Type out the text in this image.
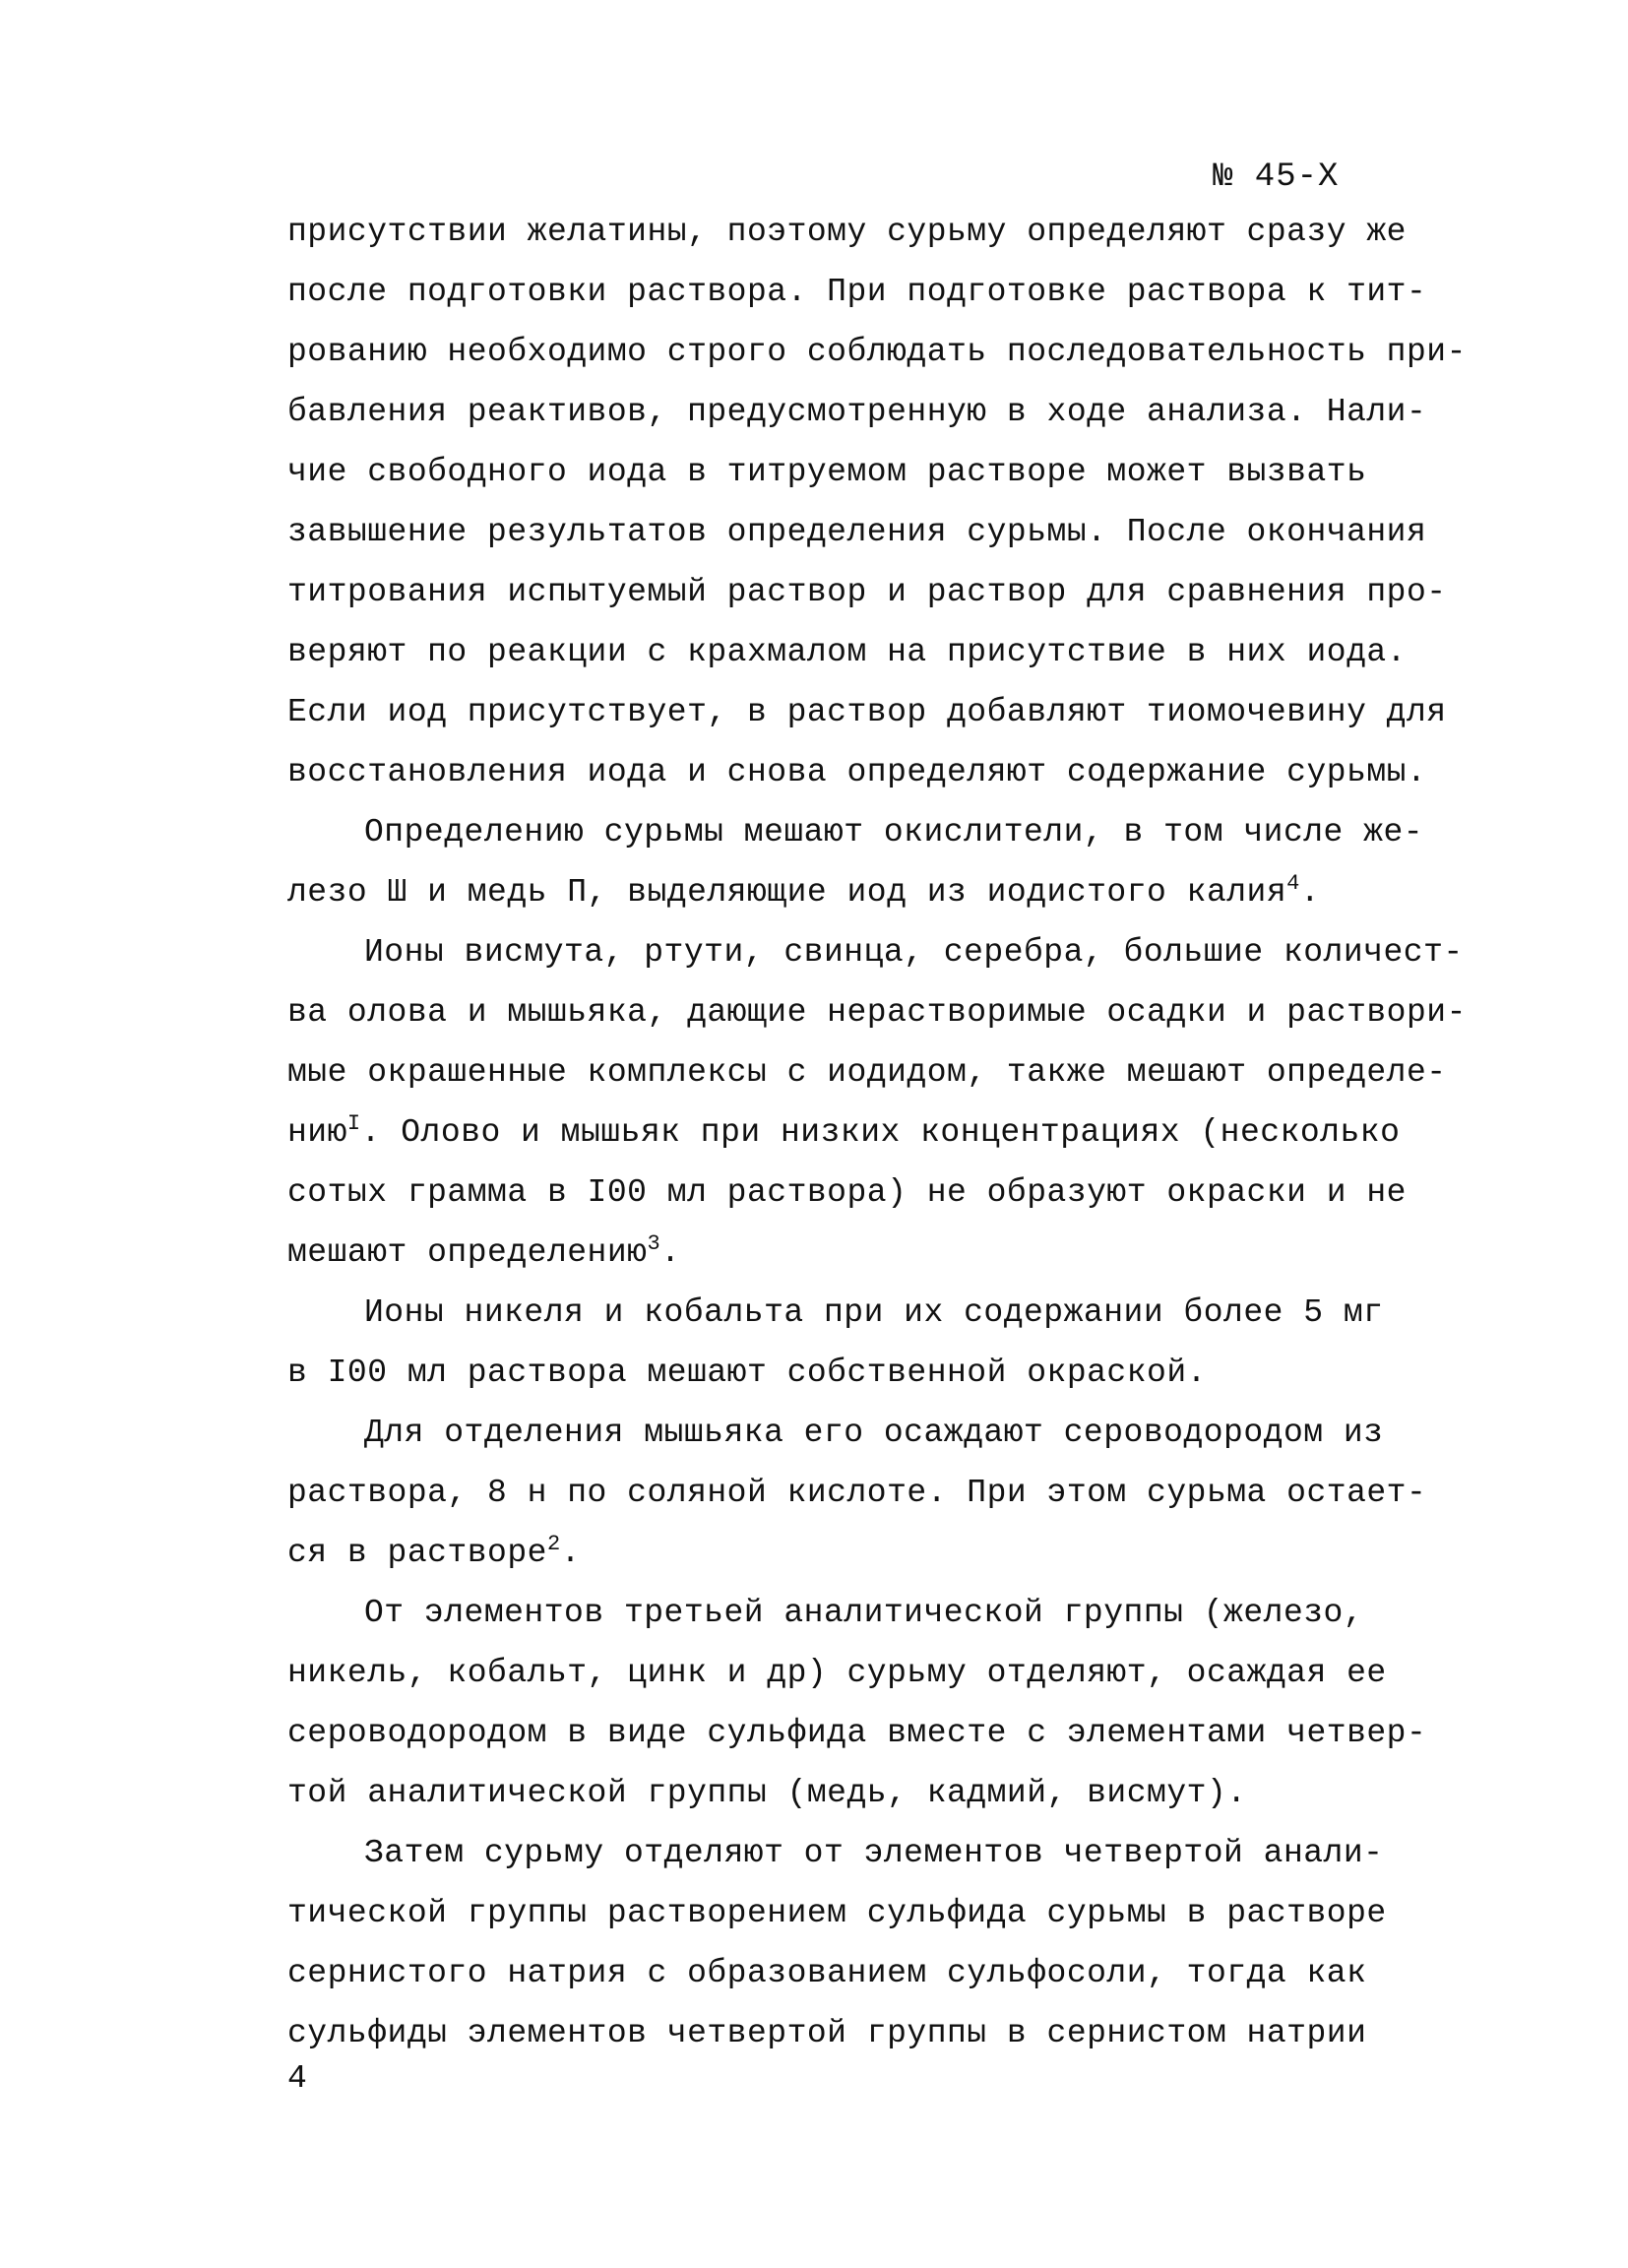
№ 45-X
присутствии желатины, поэтому сурьму определяют сразу же
после подготовки раствора. При подготовке раствора к тит-
рованию необходимо строго соблюдать последовательность при-
бавления реактивов, предусмотренную в ходе анализа. Нали-
чие свободного иода в титруемом растворе может вызвать
завышение результатов определения сурьмы. После окончания
титрования испытуемый раствор и раствор для сравнения про-
веряют по реакции с крахмалом на присутствие в них иода.
Если иод присутствует, в раствор добавляют тиомочевину для
восстановления иода и снова определяют содержание сурьмы.
Определению сурьмы мешают окислители, в том числе же-
лезо Ш и медь П, выделяющие иод из иодистого калия$^4$.
Ионы висмута, ртути, свинца, серебра, большие количест-
ва олова и мышьяка, дающие нерастворимые осадки и раствори-
мые окрашенные комплексы с иодидом, также мешают определе-
нию$^I$. Олово и мышьяк при низких концентрациях (несколько
сотых грамма в I00 мл раствора) не образуют окраски и не
мешают определению$^3$.
Ионы никеля и кобальта при их содержании более 5 мг
в I00 мл раствора мешают собственной окраской.
Для отделения мышьяка его осаждают сероводородом из
раствора, 8 н по соляной кислоте. При этом сурьма остает-
ся в растворе$^2$.
От элементов третьей аналитической группы (железо,
никель, кобальт, цинк и др) сурьму отделяют, осаждая ее
сероводородом в виде сульфида вместе с элементами четвер-
той аналитической группы (медь, кадмий, висмут).
Затем сурьму отделяют от элементов четвертой анали-
тической группы растворением сульфида сурьмы в растворе
сернистого натрия с образованием сульфосоли, тогда как
сульфиды элементов четвертой группы в сернистом натрии
4
